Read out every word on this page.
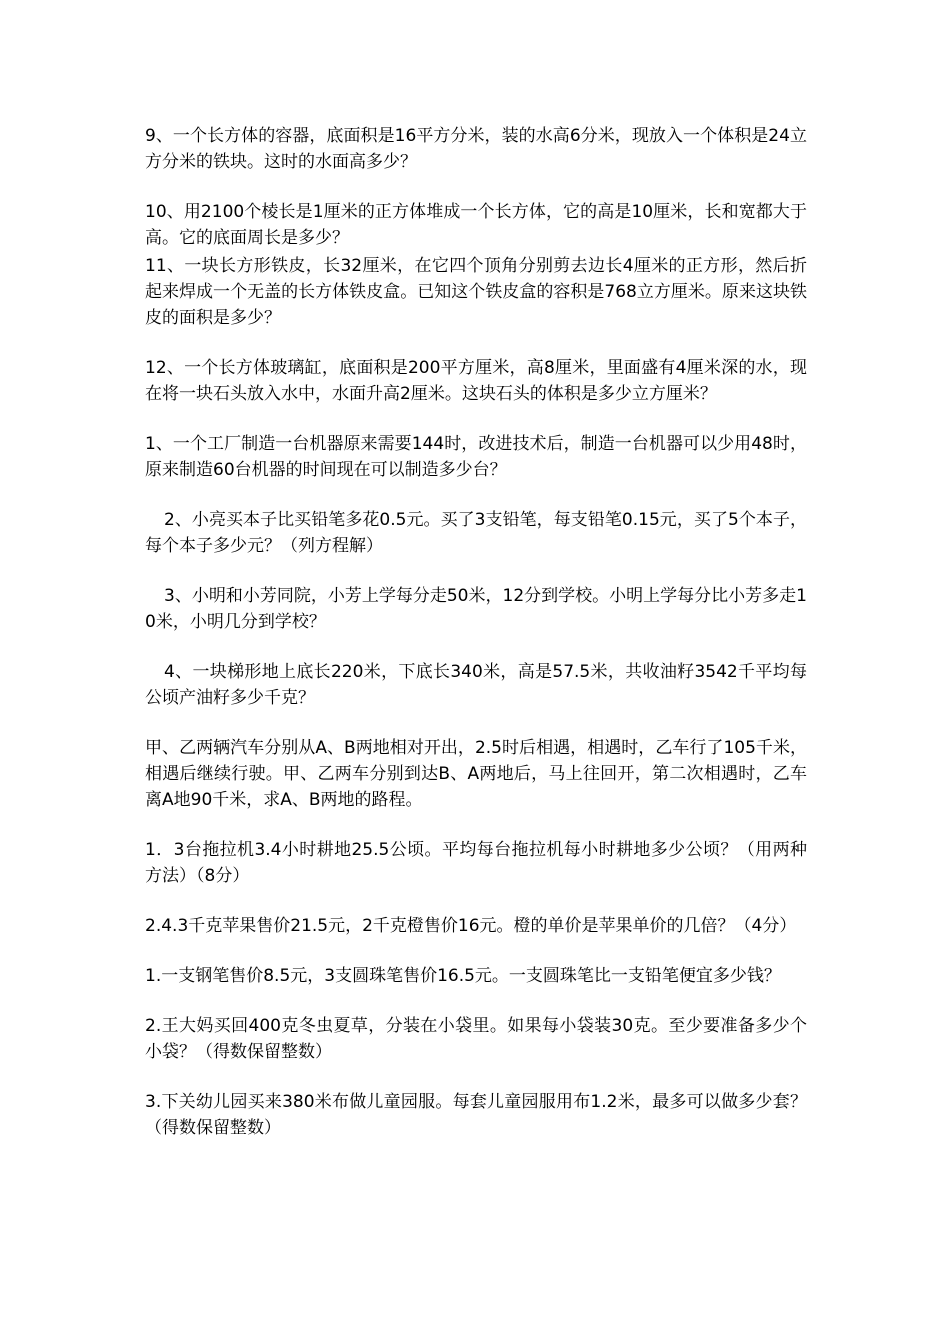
9、一个长方体的容器，底面积是16平方分米，装的水高6分米，现放入一个体积是24立方分米的铁块。这时的水面高多少？

10、用2100个棱长是1厘米的正方体堆成一个长方体，它的高是10厘米，长和宽都大于高。它的底面周长是多少？

11、一块长方形铁皮，长32厘米，在它四个顶角分别剪去边长4厘米的正方形，然后折起来焊成一个无盖的长方体铁皮盒。已知这个铁皮盒的容积是768立方厘米。原来这块铁皮的面积是多少？

12、一个长方体玻璃缸，底面积是200平方厘米，高8厘米，里面盛有4厘米深的水，现在将一块石头放入水中，水面升高2厘米。这块石头的体积是多少立方厘米？

1、一个工厂制造一台机器原来需要144时，改进技术后，制造一台机器可以少用48时，原来制造60台机器的时间现在可以制造多少台？

2、小亮买本子比买铅笔多花0.5元。买了3支铅笔，每支铅笔0.15元，买了5个本子，每个本子多少元？（列方程解）

3、小明和小芳同院，小芳上学每分走50米，12分到学校。小明上学每分比小芳多走10米，小明几分到学校？

4、一块梯形地上底长220米，下底长340米，高是57.5米，共收油籽3542千平均每公顷产油籽多少千克？

甲、乙两辆汽车分别从A、B两地相对开出，2.5时后相遇，相遇时，乙车行了105千米，相遇后继续行驶。甲、乙两车分别到达B、A两地后，马上往回开，第二次相遇时，乙车离A地90千米，求A、B两地的路程。

1．3台拖拉机3.4小时耕地25.5公顷。平均每台拖拉机每小时耕地多少公顷？（用两种方法）（8分）

2.4.3千克苹果售价21.5元，2千克橙售价16元。橙的单价是苹果单价的几倍？（4分）

1.一支钢笔售价8.5元，3支圆珠笔售价16.5元。一支圆珠笔比一支铅笔便宜多少钱？

2.王大妈买回400克冬虫夏草，分装在小袋里。如果每小袋装30克。至少要准备多少个小袋？（得数保留整数）

3.下关幼儿园买来380米布做儿童园服。每套儿童园服用布1.2米，最多可以做多少套？（得数保留整数）
